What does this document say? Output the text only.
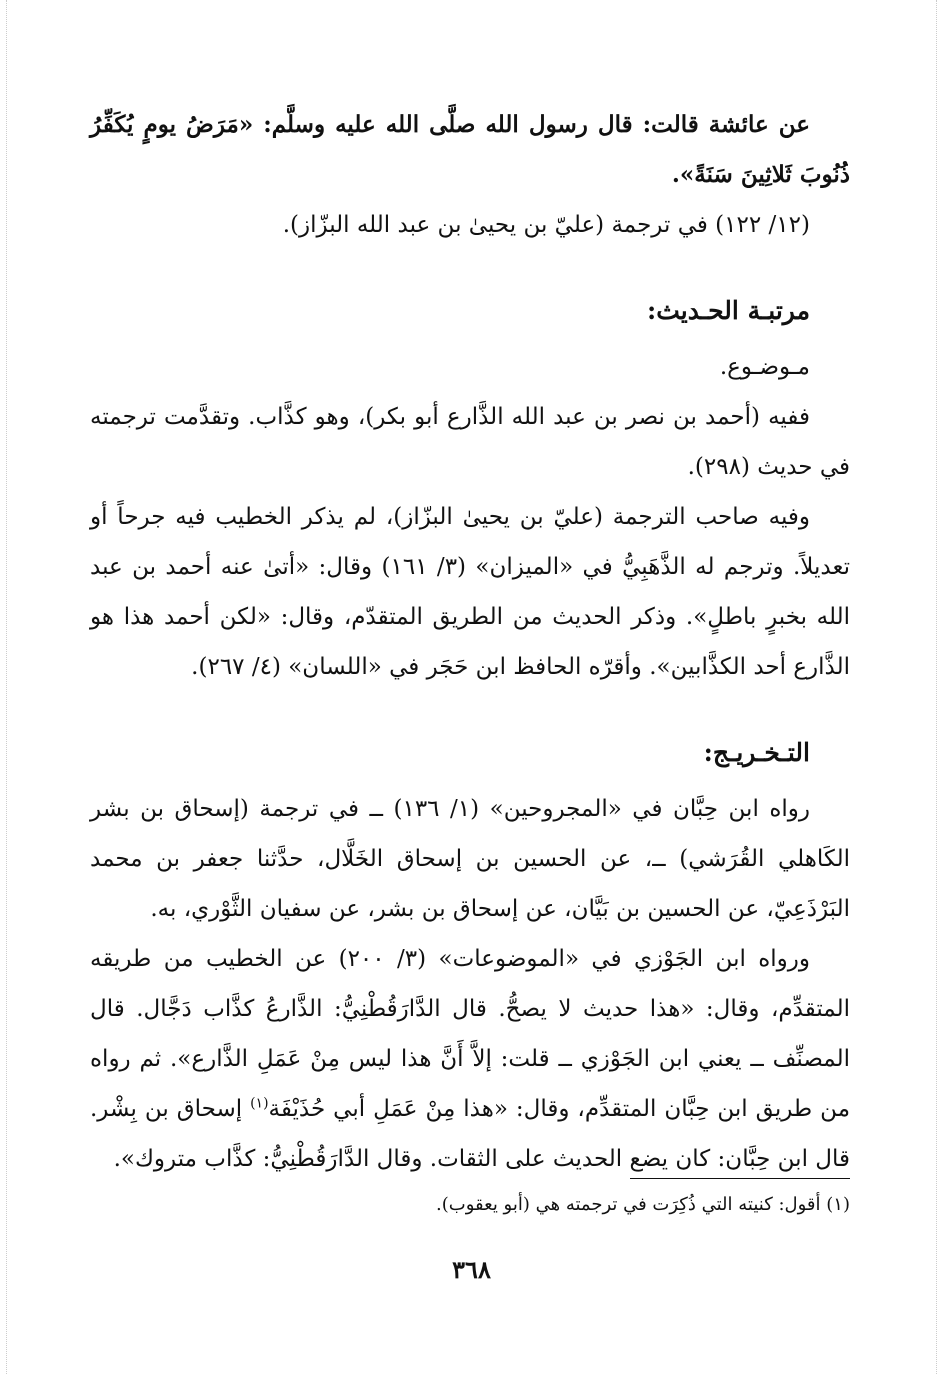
عن عائشة قالت: قال رسول الله صلَّى الله عليه وسلَّم: «مَرَضُ يومٍ يُكَفِّرُ ذُنُوبَ ثَلاثِينَ سَنَةً».

(١٢/ ١٢٢) في ترجمة (عليّ بن يحيىٰ بن عبد الله البزّاز).

مرتبـة الحـديث:

مـوضـوع.

ففيه (أحمد بن نصر بن عبد الله الذَّارع أبو بكر)، وهو كذَّاب. وتقدَّمت ترجمته في حديث (٢٩٨).

وفيه صاحب الترجمة (عليّ بن يحيىٰ البزّاز)، لم يذكر الخطيب فيه جرحاً أو تعديلاً. وترجم له الذَّهَبِيُّ في «الميزان» (٣/ ١٦١) وقال: «أتىٰ عنه أحمد بن عبد الله بخبرٍ باطلٍ». وذكر الحديث من الطريق المتقدّم، وقال: «لكن أحمد هذا هو الذَّارع أحد الكذَّابين». وأقرّه الحافظ ابن حَجَر في «اللسان» (٤/ ٢٦٧).

التـخـريـج:

رواه ابن حِبَّان في «المجروحين» (١/ ١٣٦) ــ في ترجمة (إسحاق بن بشر الكَاهلي القُرَشي) ــ، عن الحسين بن إسحاق الخَلَّال، حدَّثنا جعفر بن محمد البَرْذَعِيّ، عن الحسين بن بَيَّان، عن إسحاق بن بشر، عن سفيان الثَّوْري، به.

ورواه ابن الجَوْزي في «الموضوعات» (٣/ ٢٠٠) عن الخطيب من طريقه المتقدِّم، وقال: «هذا حديث لا يصحُّ. قال الدَّارَقُطْنِيُّ: الذَّارعُ كذَّاب دَجَّال. قال المصنِّف ــ يعني ابن الجَوْزي ــ قلت: إلاَّ أَنَّ هذا ليس مِنْ عَمَلِ الذَّارع». ثم رواه من طريق ابن حِبَّان المتقدِّم، وقال: «هذا مِنْ عَمَلِ أبي حُذَيْفَة$^{(١)}$ إسحاق بن بِشْر. قال ابن حِبَّان: كان يضع الحديث على الثقات. وقال الدَّارَقُطْنِيُّ: كذَّاب متروك».

(١) أقول: كنيته التي ذُكِرَت في ترجمته هي (أبو يعقوب).
٣٦٨
